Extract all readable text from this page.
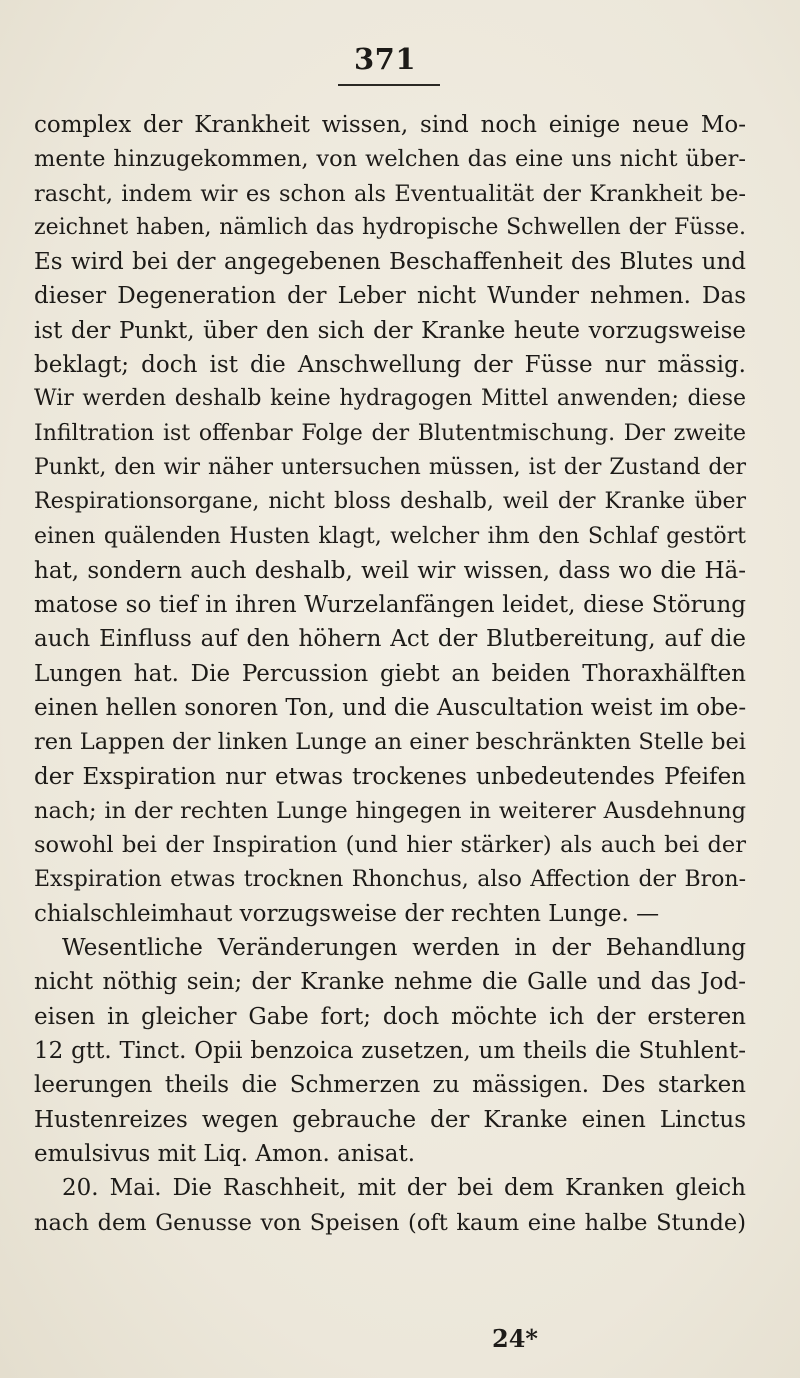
371
complex der Krankheit wissen, sind noch einige neue Mo-
mente hinzugekommen, von welchen das eine uns nicht über-
rascht, indem wir es schon als Eventualität der Krankheit be-
zeichnet haben, nämlich das hydropische Schwellen der Füsse.
Es wird bei der angegebenen Beschaffenheit des Blutes und
dieser Degeneration der Leber nicht Wunder nehmen. Das
ist der Punkt, über den sich der Kranke heute vorzugsweise
beklagt; doch ist die Anschwellung der Füsse nur mässig.
Wir werden deshalb keine hydragogen Mittel anwenden; diese
Infiltration ist offenbar Folge der Blutentmischung. Der zweite
Punkt, den wir näher untersuchen müssen, ist der Zustand der
Respirationsorgane, nicht bloss deshalb, weil der Kranke über
einen quälenden Husten klagt, welcher ihm den Schlaf gestört
hat, sondern auch deshalb, weil wir wissen, dass wo die Hä-
matose so tief in ihren Wurzelanfängen leidet, diese Störung
auch Einfluss auf den höhern Act der Blutbereitung, auf die
Lungen hat. Die Percussion giebt an beiden Thoraxhälften
einen hellen sonoren Ton, und die Auscultation weist im obe-
ren Lappen der linken Lunge an einer beschränkten Stelle bei
der Exspiration nur etwas trockenes unbedeutendes Pfeifen
nach; in der rechten Lunge hingegen in weiterer Ausdehnung
sowohl bei der Inspiration (und hier stärker) als auch bei der
Exspiration etwas trocknen Rhonchus, also Affection der Bron-
chialschleimhaut vorzugsweise der rechten Lunge. —
Wesentliche Veränderungen werden in der Behandlung
nicht nöthig sein; der Kranke nehme die Galle und das Jod-
eisen in gleicher Gabe fort; doch möchte ich der ersteren
12 gtt. Tinct. Opii benzoica zusetzen, um theils die Stuhlent-
leerungen theils die Schmerzen zu mässigen. Des starken
Hustenreizes wegen gebrauche der Kranke einen Linctus
emulsivus mit Liq. Amon. anisat.
20. Mai. Die Raschheit, mit der bei dem Kranken gleich
nach dem Genusse von Speisen (oft kaum eine halbe Stunde)
24*
